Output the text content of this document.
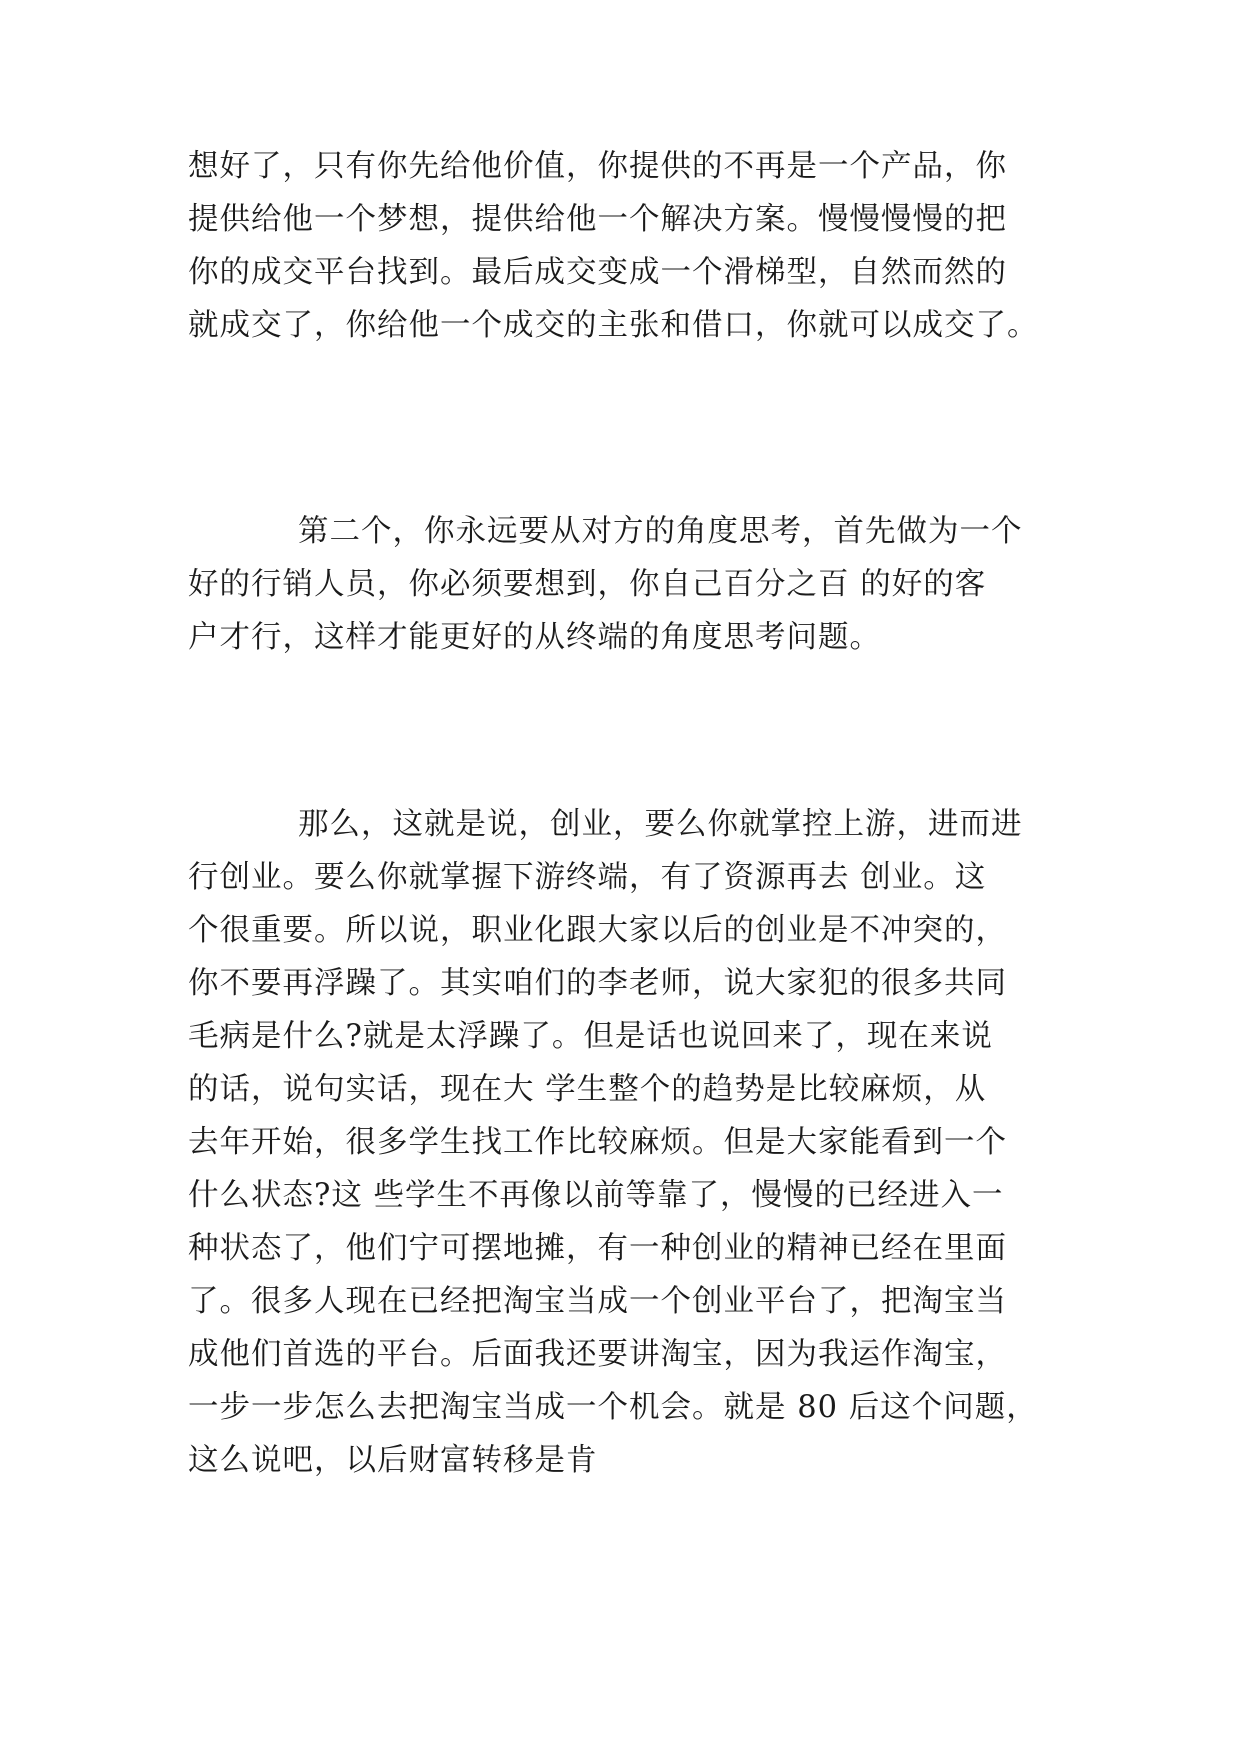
想好了，只有你先给他价值，你提供的不再是一个产品，你
提供给他一个梦想，提供给他一个解决方案。慢慢慢慢的把
你的成交平台找到。最后成交变成一个滑梯型，自然而然的
就成交了，你给他一个成交的主张和借口，你就可以成交了。
第二个，你永远要从对方的角度思考，首先做为一个
好的行销人员，你必须要想到，你自己百分之百 的好的客
户才行，这样才能更好的从终端的角度思考问题。
那么，这就是说，创业，要么你就掌控上游，进而进
行创业。要么你就掌握下游终端，有了资源再去 创业。这
个很重要。所以说，职业化跟大家以后的创业是不冲突的，
你不要再浮躁了。其实咱们的李老师，说大家犯的很多共同
毛病是什么?就是太浮躁了。但是话也说回来了，现在来说
的话，说句实话，现在大 学生整个的趋势是比较麻烦，从
去年开始，很多学生找工作比较麻烦。但是大家能看到一个
什么状态?这 些学生不再像以前等靠了，慢慢的已经进入一
种状态了，他们宁可摆地摊，有一种创业的精神已经在里面
了。很多人现在已经把淘宝当成一个创业平台了，把淘宝当
成他们首选的平台。后面我还要讲淘宝，因为我运作淘宝，
一步一步怎么去把淘宝当成一个机会。就是 80 后这个问题，
这么说吧，以后财富转移是肯
